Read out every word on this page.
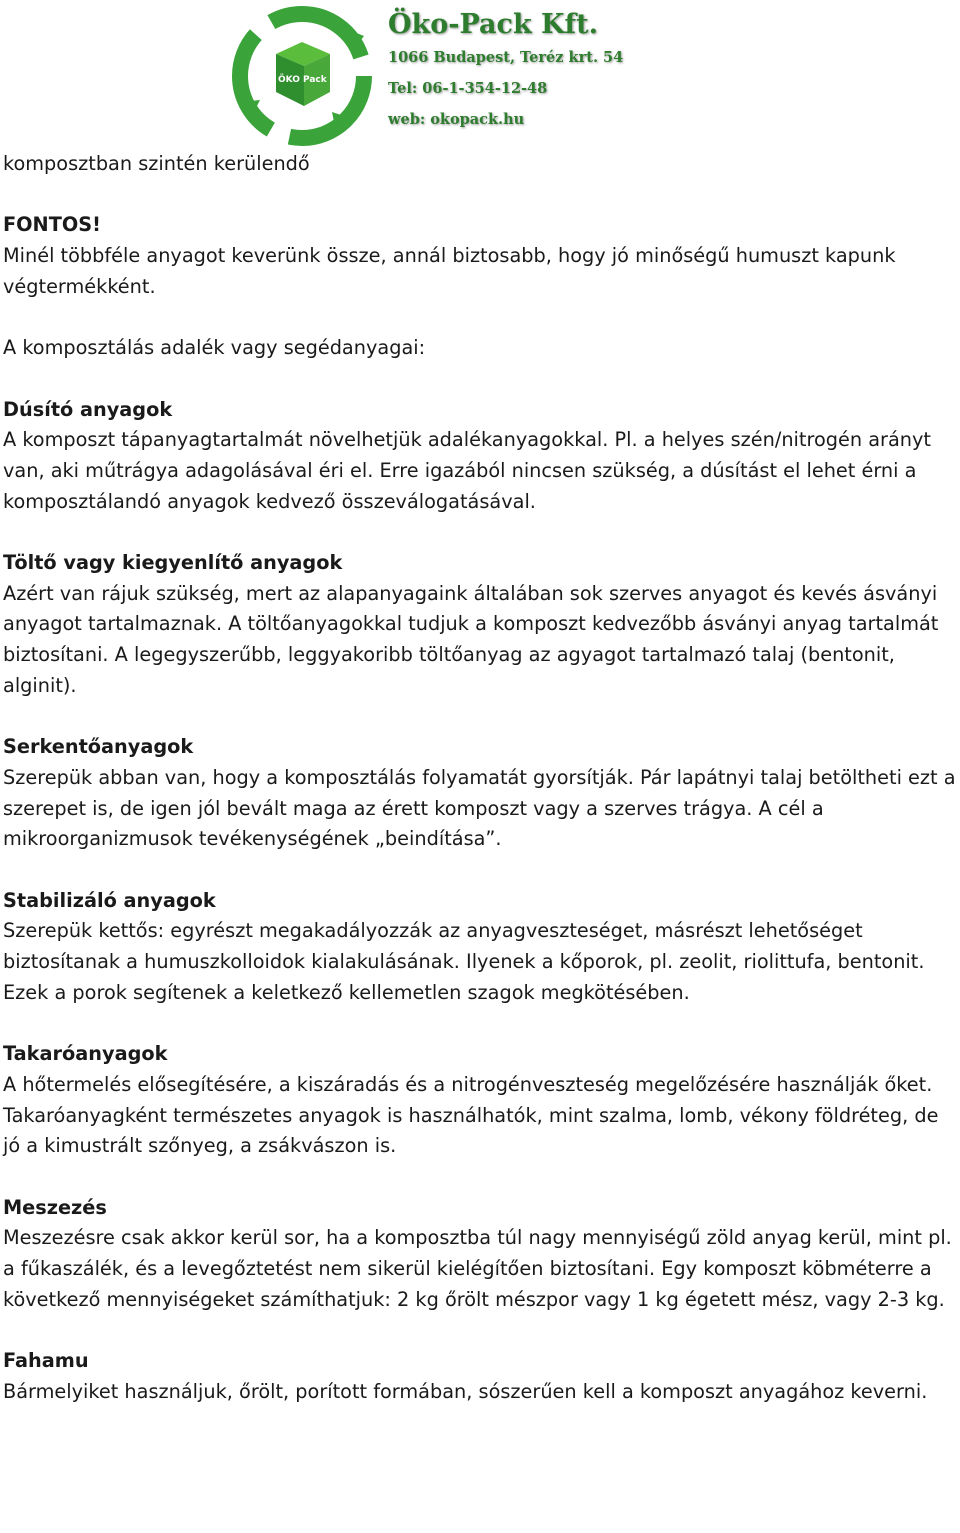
ÖKO Pack
Öko-Pack Kft.
1066 Budapest, Teréz krt. 54
Tel: 06-1-354-12-48
web: okopack.hu

komposztban szintén kerülendő

FONTOS!
Minél többféle anyagot keverünk össze, annál biztosabb, hogy jó minőségű humuszt kapunk végtermékként.

A komposztálás adalék vagy segédanyagai:

Dúsító anyagok
A komposzt tápanyagtartalmát növelhetjük adalékanyagokkal. Pl. a helyes szén/nitrogén arányt van, aki műtrágya adagolásával éri el. Erre igazából nincsen szükség, a dúsítást el lehet érni a komposztálandó anyagok kedvező összeválogatásával.

Töltő vagy kiegyenlítő anyagok
Azért van rájuk szükség, mert az alapanyagaink általában sok szerves anyagot és kevés ásványi anyagot tartalmaznak. A töltőanyagokkal tudjuk a komposzt kedvezőbb ásványi anyag tartalmát biztosítani. A legegyszerűbb, leggyakoribb töltőanyag az agyagot tartalmazó talaj (bentonit, alginit).

Serkentőanyagok
Szerepük abban van, hogy a komposztálás folyamatát gyorsítják. Pár lapátnyi talaj betöltheti ezt a szerepet is, de igen jól bevált maga az érett komposzt vagy a szerves trágya. A cél a mikroorganizmusok tevékenységének „beindítása”.

Stabilizáló anyagok
Szerepük kettős: egyrészt megakadályozzák az anyagveszteséget, másrészt lehetőséget biztosítanak a humuszkolloidok kialakulásának. Ilyenek a kőporok, pl. zeolit, riolittufa, bentonit. Ezek a porok segítenek a keletkező kellemetlen szagok megkötésében.

Takaróanyagok
A hőtermelés elősegítésére, a kiszáradás és a nitrogénveszteség megelőzésére használják őket. Takaróanyagként természetes anyagok is használhatók, mint szalma, lomb, vékony földréteg, de jó a kimustrált szőnyeg, a zsákvászon is.

Meszezés
Meszezésre csak akkor kerül sor, ha a komposztba túl nagy mennyiségű zöld anyag kerül, mint pl. a fűkaszálék, és a levegőztetést nem sikerül kielégítően biztosítani. Egy komposzt köbméterre a következő mennyiségeket számíthatjuk: 2 kg őrölt mészpor vagy 1 kg égetett mész, vagy 2-3 kg.

Fahamu
Bármelyiket használjuk, őrölt, porított formában, sószerűen kell a komposzt anyagához keverni.
